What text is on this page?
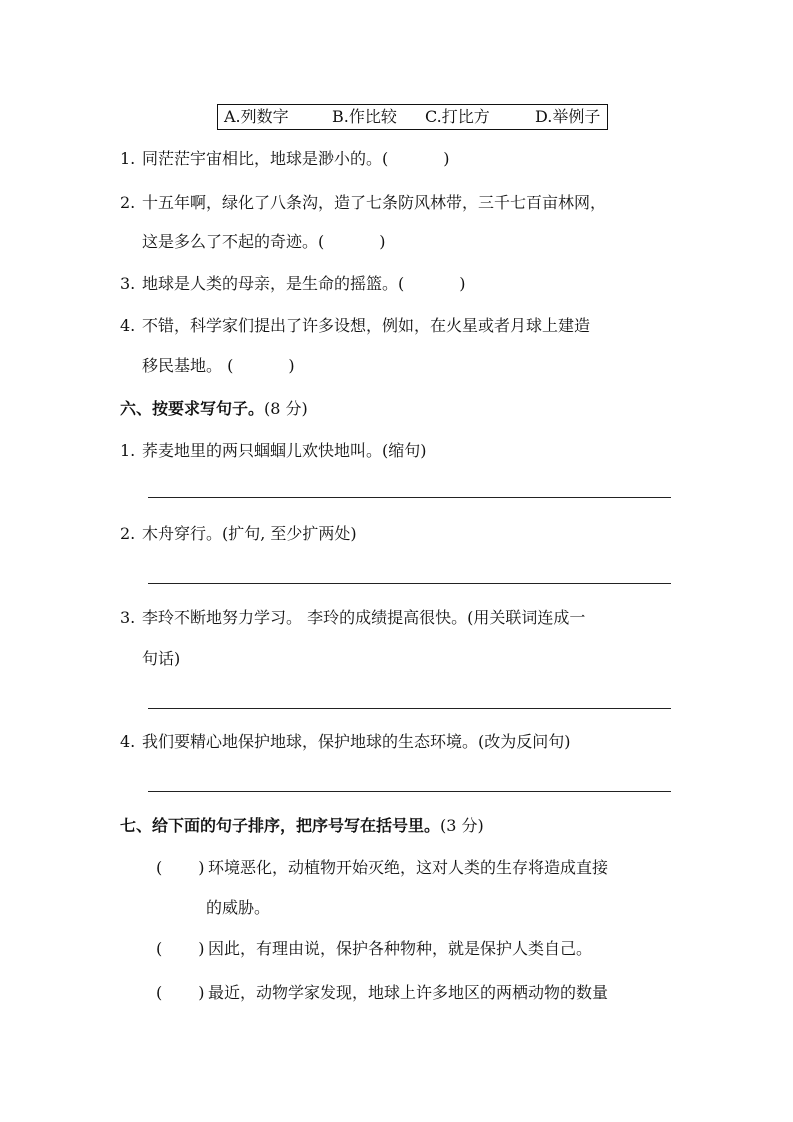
A.列数字	B.作比较 C.打比方	D.举例子
1. 同茫茫宇宙相比，地球是渺小的。(	)
2. 十五年啊，绿化了八条沟，造了七条防风林带，三千七百亩林网，
这是多么了不起的奇迹。(	)
3. 地球是人类的母亲，是生命的摇篮。(	)
4. 不错，科学家们提出了许多设想，例如，在火星或者月球上建造
移民基地。 (	)
六、按要求写句子。(8 分)
1. 荞麦地里的两只蝈蝈儿欢快地叫。(缩句)
2. 木舟穿行。(扩句, 至少扩两处)
3. 李玲不断地努力学习。 李玲的成绩提高很快。(用关联词连成一
句话)
4. 我们要精心地保护地球，保护地球的生态环境。(改为反问句)
七、给下面的句子排序，把序号写在括号里。(3 分)
( ) 环境恶化，动植物开始灭绝，这对人类的生存将造成直接
的威胁。
( ) 因此，有理由说，保护各种物种，就是保护人类自己。
( ) 最近，动物学家发现，地球上许多地区的两栖动物的数量
